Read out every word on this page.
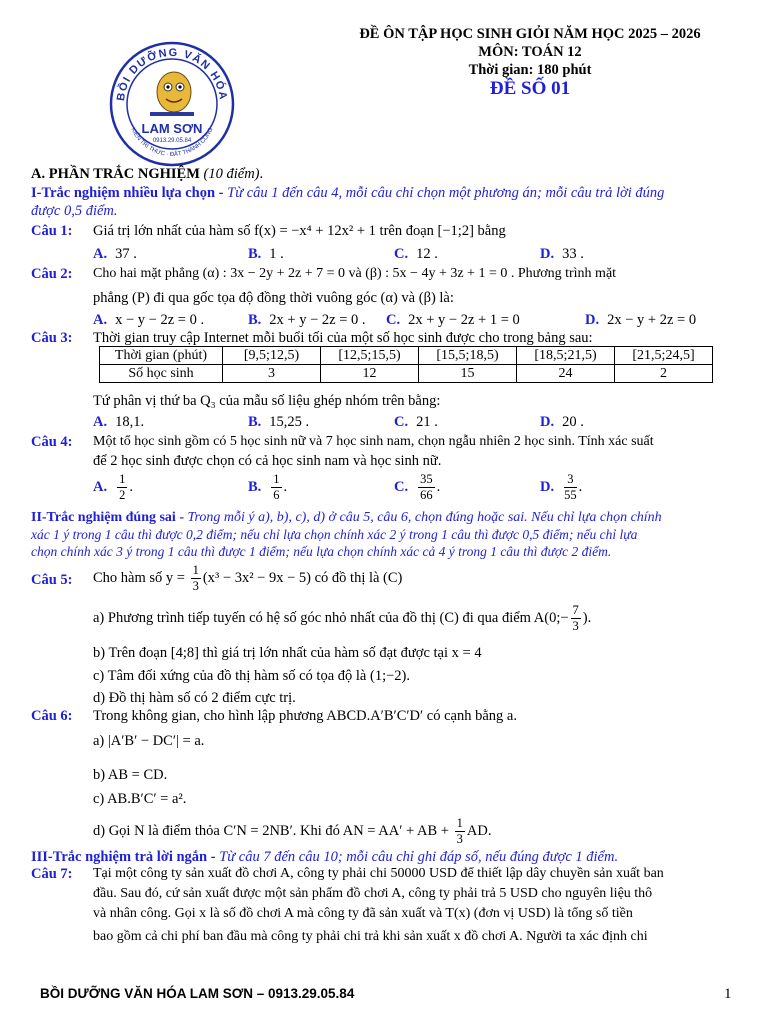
BỒI DƯỠNG VĂN HÓA
KIẾN TRI THỨC · ĐẮT THÀNH CÔNG
LAM SƠN
0913.29.05.84
ĐỀ ÔN TẬP HỌC SINH GIỎI NĂM HỌC 2025 – 2026
MÔN: TOÁN 12
Thời gian: 180 phút
ĐỀ SỐ 01
A. PHẦN TRẮC NGHIỆM (10 điểm).
I-Trắc nghiệm nhiều lựa chọn - Từ câu 1 đến câu 4, mỗi câu chỉ chọn một phương án; mỗi câu trả lời đúng
được 0,5 điểm.
Câu 1: Giá trị lớn nhất của hàm số f(x) = −x⁴ + 12x² + 1 trên đoạn [−1;2] bằng
A. 37 .	B. 1 .	C. 12 .	D. 33 .
Câu 2: Cho hai mặt phẳng (α) : 3x − 2y + 2z + 7 = 0 và (β) : 5x − 4y + 3z + 1 = 0 . Phương trình mặt
phẳng (P) đi qua gốc tọa độ đồng thời vuông góc (α) và (β) là:
A. x − y − 2z = 0 .	B. 2x + y − 2z = 0 . C. 2x + y − 2z + 1 = 0	D. 2x − y + 2z = 0
Câu 3: Thời gian truy cập Internet mỗi buổi tối của một số học sinh được cho trong bảng sau:
Thời gian (phút)	[9,5;12,5)	[12,5;15,5)	[15,5;18,5)	[18,5;21,5)	[21,5;24,5]
Số học sinh	3	12	15	24	2
Tứ phân vị thứ ba Q₃ của mẫu số liệu ghép nhóm trên bằng:
A. 18,1.	B. 15,25 .	C. 21 .	D. 20 .
Câu 4: Một tổ học sinh gồm có 5 học sinh nữ và 7 học sinh nam, chọn ngẫu nhiên 2 học sinh. Tính xác suất
để 2 học sinh được chọn có cả học sinh nam và học sinh nữ.
A. $\frac{1}{2}$ .	B. $\frac{1}{6}$ .	C. $\frac{35}{66}$ .	D. $\frac{3}{55}$ .
II-Trắc nghiệm đúng sai - Trong mỗi ý a), b), c), d) ở câu 5, câu 6, chọn đúng hoặc sai. Nếu chỉ lựa chọn chính
xác 1 ý trong 1 câu thì được 0,2 điểm; nếu chỉ lựa chọn chính xác 2 ý trong 1 câu thì được 0,5 điểm; nếu chỉ lựa
chọn chính xác 3 ý trong 1 câu thì được 1 điểm; nếu lựa chọn chính xác cả 4 ý trong 1 câu thì được 2 điểm.
Câu 5: Cho hàm số $y = \frac{1}{3} (x^3 - 3x^2 - 9x - 5)$ có đồ thị là (C)
a) Phương trình tiếp tuyến có hệ số góc nhỏ nhất của đồ thị (C) đi qua điểm A(0;− $\frac{7}{3}$ ).
b) Trên đoạn [4;8] thì giá trị lớn nhất của hàm số đạt được tại x = 4
c) Tâm đối xứng của đồ thị hàm số có tọa độ là (1;−2).
d) Đồ thị hàm số có 2 điểm cực trị.
Câu 6: Trong không gian, cho hình lập phương ABCD.A′B′C′D′ có cạnh bằng a.
a) |A′B′ − DC′| = a.
b) AB = CD.
c) AB.B′C′ = a².
d) Gọi N là điểm thỏa C′N = 2NB′. Khi đó AN = AA′ + AB + $\frac{1}{3}$ AD.
III-Trắc nghiệm trả lời ngắn - Từ câu 7 đến câu 10; mỗi câu chỉ ghi đáp số, nếu đúng được 1 điểm.
Câu 7: Tại một công ty sản xuất đồ chơi A, công ty phải chi 50000 USD để thiết lập dây chuyền sản xuất ban
đầu. Sau đó, cứ sản xuất được một sản phẩm đồ chơi A, công ty phải trả 5 USD cho nguyên liệu thô
và nhân công. Gọi x là số đồ chơi A mà công ty đã sản xuất và T(x) (đơn vị USD) là tổng số tiền
bao gồm cả chi phí ban đầu mà công ty phải chi trả khi sản xuất x đồ chơi A. Người ta xác định chi
BỒI DƯỠNG VĂN HÓA LAM SƠN – 0913.29.05.84	1
